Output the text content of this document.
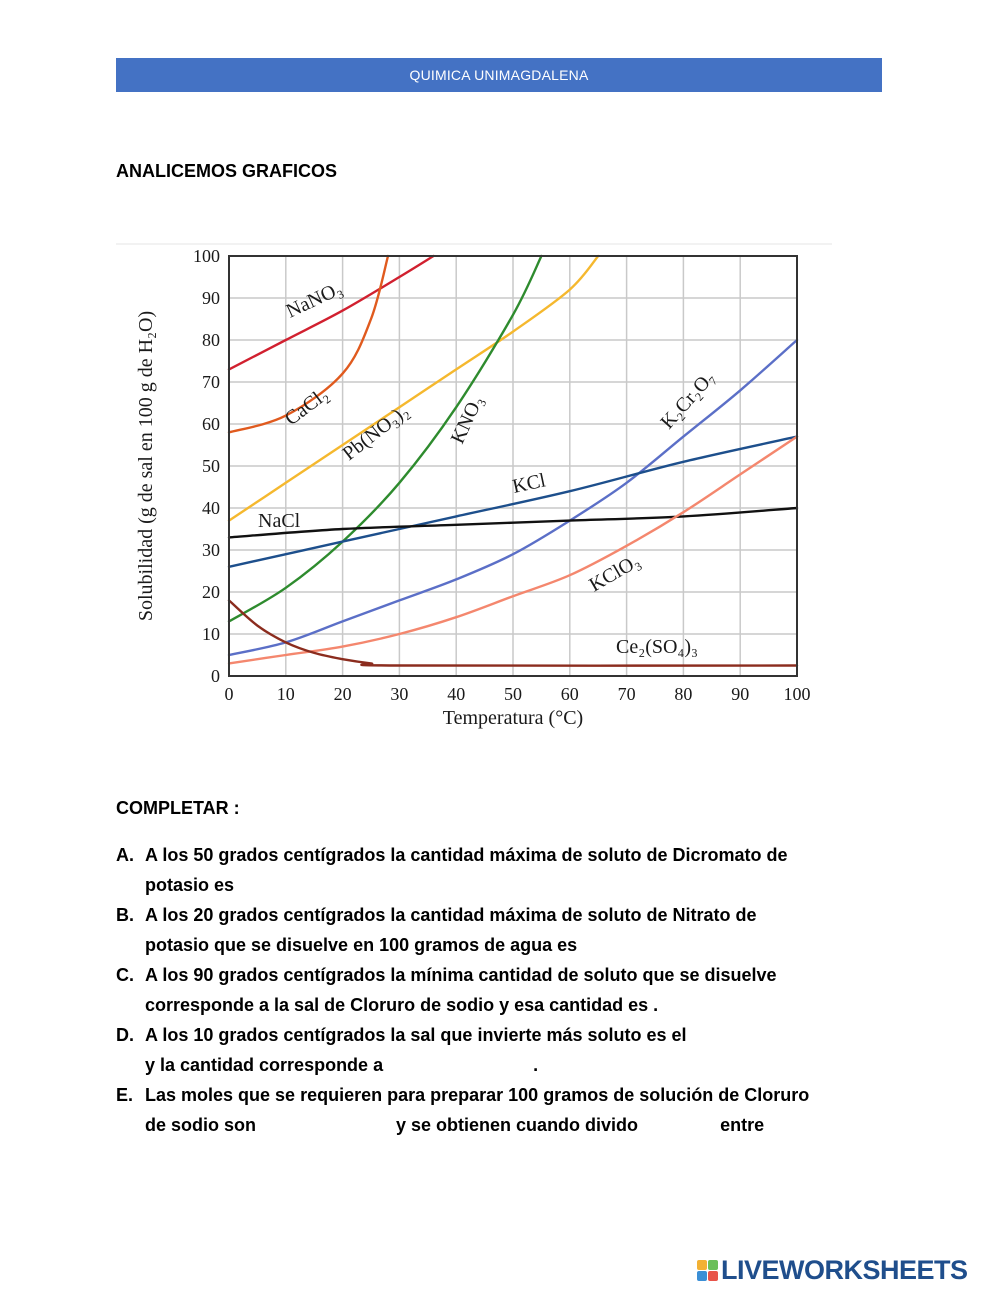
QUIMICA UNIMAGDALENA
ANALICEMOS GRAFICOS
0 10 20 30 40 50 60 70 80 90 100
0
10
20
30
40
50
60
70
80
90
100
Temperatura (°C)
Solubilidad (g de sal en 100 g de H₂O)
NaNO₃
CaCl₂ Pb(NO₃)₂ KNO₃	K₂Cr₂O₇
KCl
NaCl
KClO₃
Ce₂(SO₄)₃
COMPLETAR :
A. A los 50 grados centígrados la cantidad máxima de soluto de Dicromato de
potasio es
B. A los 20 grados centígrados la cantidad máxima de soluto de Nitrato de
potasio que se disuelve en 100 gramos de agua es
C. A los 90 grados centígrados la mínima cantidad de soluto que se disuelve
corresponde a la sal de Cloruro de sodio y esa cantidad es .
D. A los 10 grados centígrados la sal que invierte más soluto es el
y la cantidad corresponde a	.
E. Las moles que se requieren para preparar 100 gramos de solución de Cloruro
de sodio son	y se obtienen cuando divido	entre
LIVEWORKSHEETS
